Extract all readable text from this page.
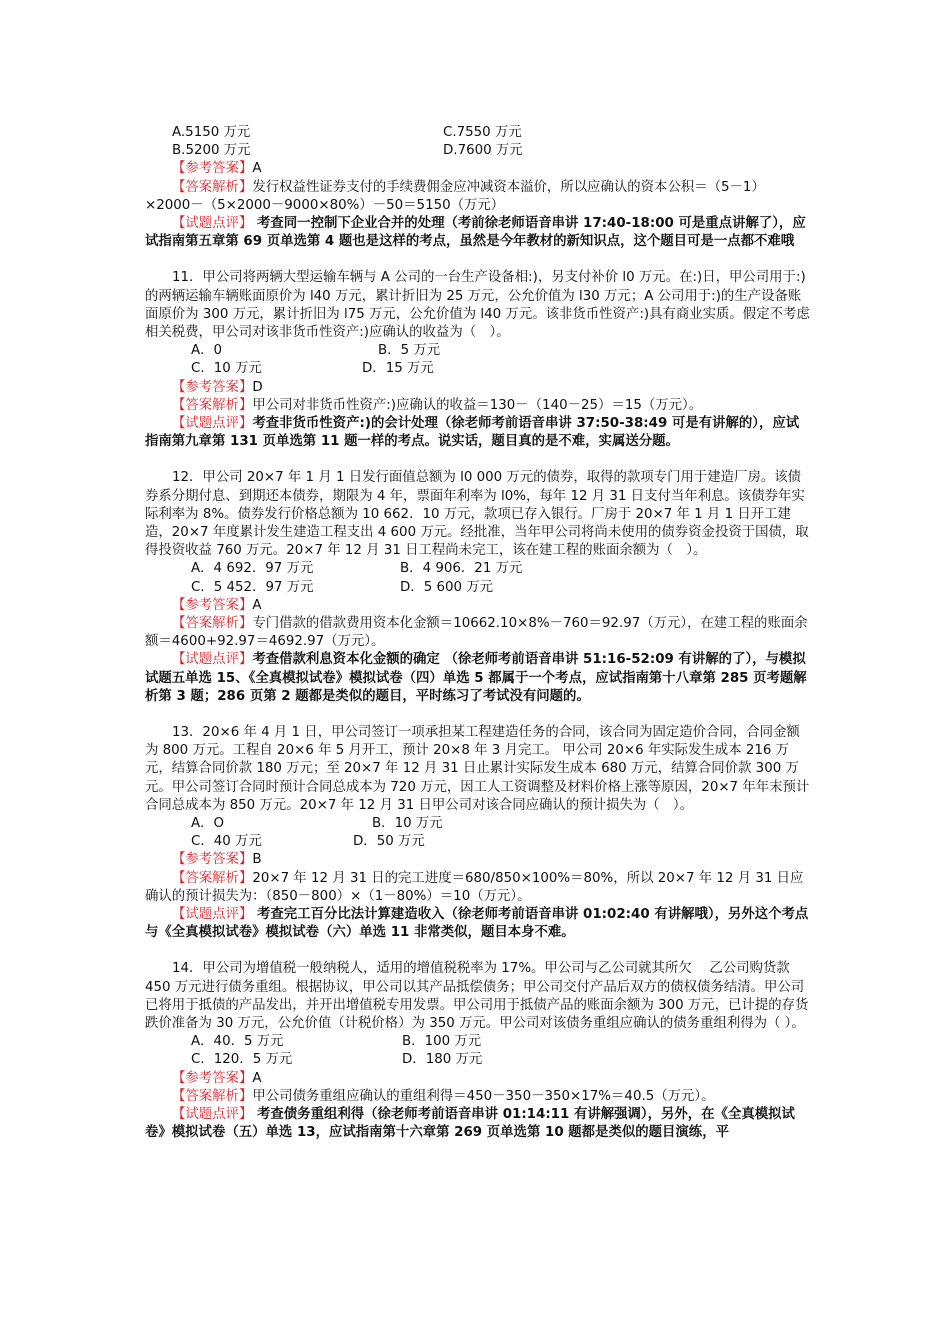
A.5150 万元	C.7550 万元
B.5200 万元	D.7600 万元
【参考答案】A

【答案解析】发行权益性证券支付的手续费佣金应冲减资本溢价，所以应确认的资本公积＝（5－1）×2000－（5×2000－9000×80%）－50＝5150（万元）

【试题点评】 考查同一控制下企业合并的处理（考前徐老师语音串讲 17:40-18:00 可是重点讲解了），应试指南第五章第 69 页单选第 4 题也是这样的考点，虽然是今年教材的新知识点，这个题目可是一点都不难哦

11．甲公司将两辆大型运输车辆与 A 公司的一台生产设备相:)，另支付补价 l0 万元。在:)日，甲公司用于:)的两辆运输车辆账面原价为 l40 万元，累计折旧为 25 万元，公允价值为 l30 万元；A 公司用于:)的生产设备账面原价为 300 万元，累计折旧为 l75 万元，公允价值为 l40 万元。该非货币性资产:)具有商业实质。假定不考虑相关税费，甲公司对该非货币性资产:)应确认的收益为（　）。

A．0	B．5 万元
C．10 万元	D．15 万元
【参考答案】D

【答案解析】甲公司对非货币性资产:)应确认的收益＝130－（140－25）＝15（万元）。

【试题点评】考查非货币性资产:)的会计处理（徐老师考前语音串讲 37:50-38:49 可是有讲解的），应试指南第九章第 131 页单选第 11 题一样的考点。说实话，题目真的是不难，实属送分题。

12．甲公司 20×7 年 1 月 1 日发行面值总额为 l0 000 万元的债券，取得的款项专门用于建造厂房。该债券系分期付息、到期还本债券，期限为 4 年，票面年利率为 l0%，每年 12 月 31 日支付当年利息。该债券年实际利率为 8%。债券发行价格总额为 10 662．10 万元，款项已存入银行。厂房于 20×7 年 1 月 1 日开工建造，20×7 年度累计发生建造工程支出 4 600 万元。经批准，当年甲公司将尚未使用的债券资金投资于国债，取得投资收益 760 万元。20×7 年 12 月 31 日工程尚未完工，该在建工程的账面余额为（　）。

A．4 692．97 万元	B．4 906．21 万元
C．5 452．97 万元	D．5 600 万元
【参考答案】A

【答案解析】专门借款的借款费用资本化金额＝10662.10×8%－760＝92.97（万元），在建工程的账面余额＝4600+92.97＝4692.97（万元）。

【试题点评】考查借款利息资本化金额的确定 （徐老师考前语音串讲 51:16-52:09 有讲解的了），与模拟试题五单选 15、《全真模拟试卷》模拟试卷（四）单选 5 都属于一个考点，应试指南第十八章第 285 页考题解析第 3 题；286 页第 2 题都是类似的题目，平时练习了考试没有问题的。

13．20×6 年 4 月 1 日，甲公司签订一项承担某工程建造任务的合同，该合同为固定造价合同，合同金额为 800 万元。工程自 20×6 年 5 月开工，预计 20×8 年 3 月完工。 甲公司 20×6 年实际发生成本 216 万元，结算合同价款 180 万元；至 20×7 年 12 月 31 日止累计实际发生成本 680 万元，结算合同价款 300 万元。甲公司签订合同时预计合同总成本为 720 万元，因工人工资调整及材料价格上涨等原因，20×7 年年末预计合同总成本为 850 万元。20×7 年 12 月 31 日甲公司对该合同应确认的预计损失为（　）。

A．O	B．10 万元
C．40 万元	D．50 万元
【参考答案】B

【答案解析】20×7 年 12 月 31 日的完工进度＝680/850×100%＝80%，所以 20×7 年 12 月 31 日应确认的预计损失为：（850－800）×（1－80%）＝10（万元）。

【试题点评】 考查完工百分比法计算建造收入（徐老师考前语音串讲 01:02:40 有讲解哦），另外这个考点与《全真模拟试卷》模拟试卷（六）单选 11 非常类似，题目本身不难。

14．甲公司为增值税一般纳税人，适用的增值税税率为 17%。甲公司与乙公司就其所欠　 乙公司购货款 450 万元进行债务重组。根据协议，甲公司以其产品抵偿债务；甲公司交付产品后双方的债权债务结清。甲公司已将用于抵债的产品发出，并开出增值税专用发票。甲公司用于抵债产品的账面余额为 300 万元，已计提的存货跌价准备为 30 万元，公允价值（计税价格）为 350 万元。甲公司对该债务重组应确认的债务重组利得为（ ）。

A．40．5 万元	B．100 万元
C．120．5 万元	D．180 万元
【参考答案】A

【答案解析】甲公司债务重组应确认的重组利得＝450－350－350×17%＝40.5（万元）。

【试题点评】 考查债务重组利得（徐老师考前语音串讲 01:14:11 有讲解强调），另外，在《全真模拟试卷》模拟试卷（五）单选 13，应试指南第十六章第 269 页单选第 10 题都是类似的题目演练，平
